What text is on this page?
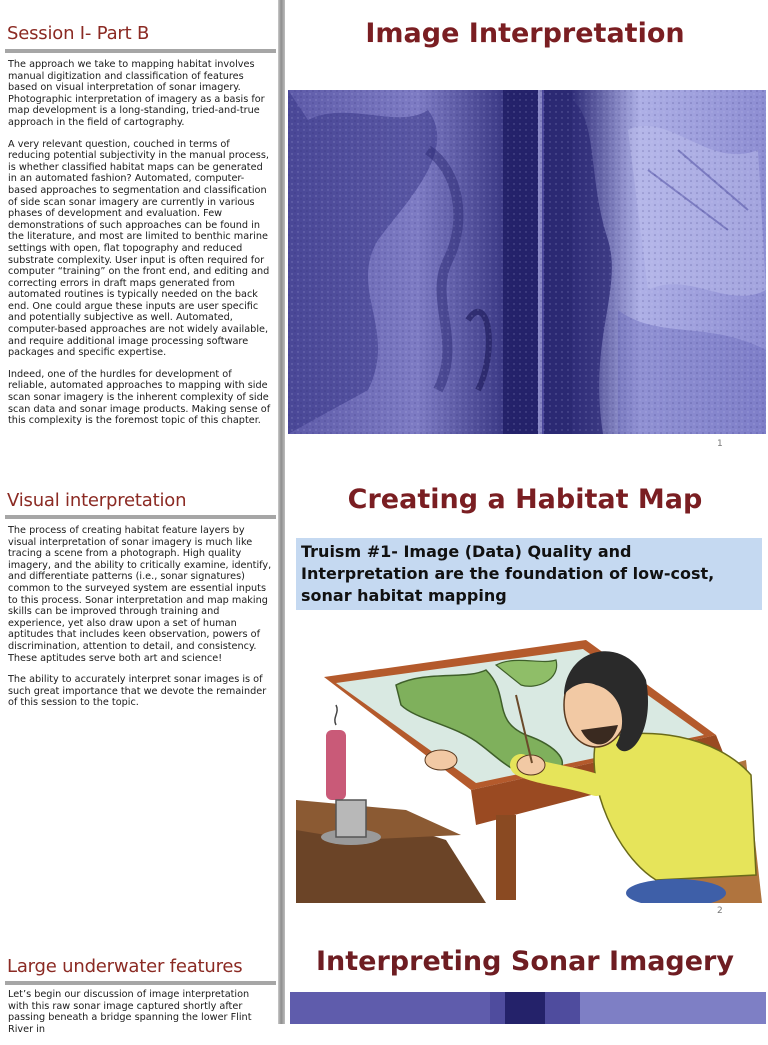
Session I- Part B

The approach we take to mapping habitat involves manual digitization and classification of features based on visual interpretation of sonar imagery. Photographic interpretation of imagery as a basis for map development is a long-standing, tried-and-true approach in the field of cartography.

A very relevant question, couched in terms of reducing potential subjectivity in the manual process, is whether classified habitat maps can be generated in an automated fashion? Automated, computer-based approaches to segmentation and classification of side scan sonar imagery are currently in various phases of development and evaluation. Few demonstrations of such approaches can be found in the literature, and most are limited to benthic marine settings with open, flat topography and reduced substrate complexity. User input is often required for computer “training” on the front end, and editing and correcting errors in draft maps generated from automated routines is typically needed on the back end. One could argue these inputs are user specific and potentially subjective as well. Automated, computer-based approaches are not widely available, and require additional image processing software packages and specific expertise.

Indeed, one of the hurdles for development of reliable, automated approaches to mapping with side scan sonar imagery is the inherent complexity of side scan data and sonar image products. Making sense of this complexity is the foremost topic of this chapter.

Visual interpretation

The process of creating habitat feature layers by visual interpretation of sonar imagery is much like tracing a scene from a photograph. High quality imagery, and the ability to critically examine, identify, and differentiate patterns (i.e., sonar signatures) common to the surveyed system are essential inputs to this process. Sonar interpretation and map making skills can be improved through training and experience, yet also draw upon a set of human aptitudes that includes keen observation, powers of discrimination, attention to detail, and consistency. These aptitudes serve both art and science!

The ability to accurately interpret sonar images is of such great importance that we devote the remainder of this session to the topic.

Large underwater features

Let’s begin our discussion of image interpretation with this raw sonar image captured shortly after passing beneath a bridge spanning the lower Flint River in

Image Interpretation
1
Creating a Habitat Map
Truism #1- Image (Data) Quality and Interpretation are the foundation of low-cost, sonar habitat mapping
2
Interpreting Sonar Imagery
